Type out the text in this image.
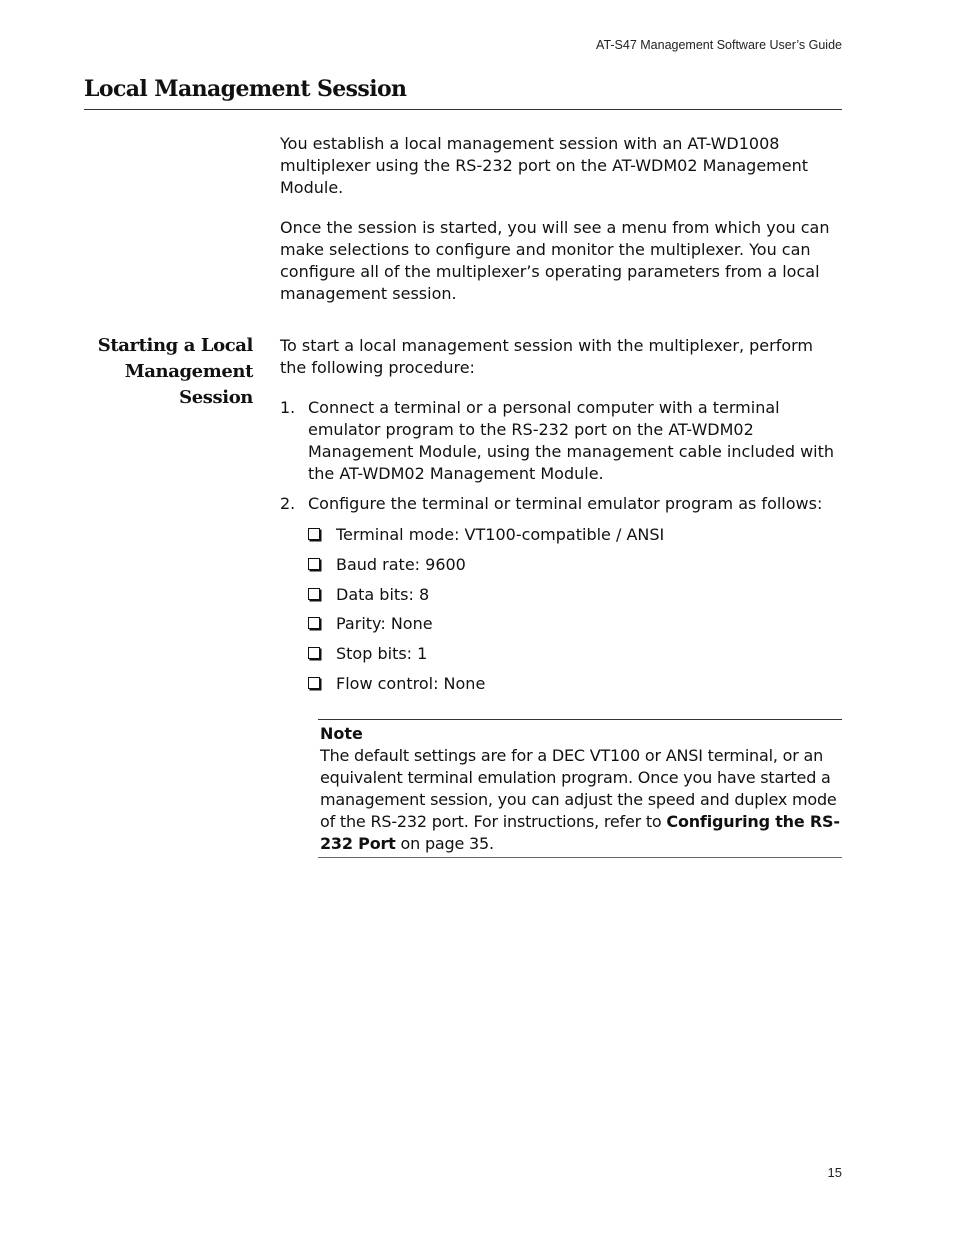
AT-S47 Management Software User’s Guide
Local Management Session

You establish a local management session with an AT-WD1008 multiplexer using the RS-232 port on the AT-WDM02 Management Module.

Once the session is started, you will see a menu from which you can make selections to configure and monitor the multiplexer. You can configure all of the multiplexer’s operating parameters from a local management session.

Starting a Local
Management
Session

To start a local management session with the multiplexer, perform the following procedure:

1. Connect a terminal or a personal computer with a terminal emulator program to the RS-232 port on the AT-WDM02 Management Module, using the management cable included with the AT-WDM02 Management Module.
2. Configure the terminal or terminal emulator program as follows:
Terminal mode: VT100-compatible / ANSI
Baud rate: 9600
Data bits: 8
Parity: None
Stop bits: 1
Flow control: None
Note
The default settings are for a DEC VT100 or ANSI terminal, or an equivalent terminal emulation program. Once you have started a management session, you can adjust the speed and duplex mode of the RS-232 port. For instructions, refer to Configuring the RS-232 Port on page 35.
15
